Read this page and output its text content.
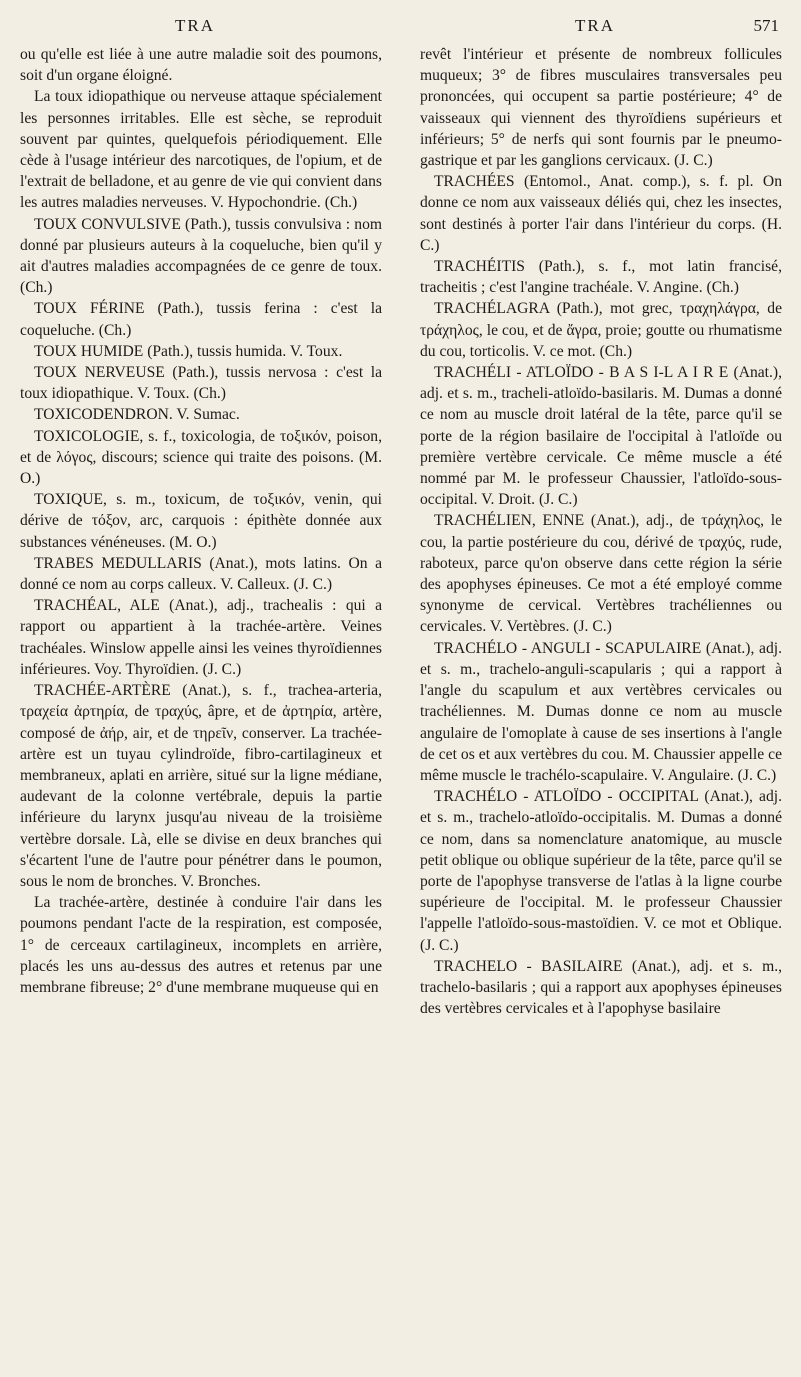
TRA	TRA	571

ou qu'elle est liée à une autre maladie soit des poumons, soit d'un organe éloigné.

La toux idiopathique ou nerveuse attaque spécialement les personnes irritables. Elle est sèche, se reproduit souvent par quintes, quelquefois périodiquement. Elle cède à l'usage intérieur des narcotiques, de l'opium, et de l'extrait de belladone, et au genre de vie qui convient dans les autres maladies nerveuses. V. Hypochondrie. (Ch.)

TOUX CONVULSIVE (Path.), tussis convulsiva : nom donné par plusieurs auteurs à la coqueluche, bien qu'il y ait d'autres maladies accompagnées de ce genre de toux. (Ch.)

TOUX FÉRINE (Path.), tussis ferina : c'est la coqueluche. (Ch.)

TOUX HUMIDE (Path.), tussis humida. V. Toux.

TOUX NERVEUSE (Path.), tussis nervosa : c'est la toux idiopathique. V. Toux. (Ch.)

TOXICODENDRON. V. Sumac.

TOXICOLOGIE, s. f., toxicologia, de τοξικόν, poison, et de λόγος, discours; science qui traite des poisons. (M. O.)

TOXIQUE, s. m., toxicum, de τοξικόν, venin, qui dérive de τόξον, arc, carquois : épithète donnée aux substances vénéneuses. (M. O.)

TRABES MEDULLARIS (Anat.), mots latins. On a donné ce nom au corps calleux. V. Calleux. (J. C.)

TRACHÉAL, ALE (Anat.), adj., trachealis : qui a rapport ou appartient à la trachée-artère. Veines trachéales. Winslow appelle ainsi les veines thyroïdiennes inférieures. Voy. Thyroïdien. (J. C.)

TRACHÉE-ARTÈRE (Anat.), s. f., trachea-arteria, τραχεία ἀρτηρία, de τραχύς, âpre, et de ἀρτηρία, artère, composé de ἀήρ, air, et de τηρεῖν, conserver. La trachée-artère est un tuyau cylindroïde, fibro-cartilagineux et membraneux, aplati en arrière, situé sur la ligne médiane, audevant de la colonne vertébrale, depuis la partie inférieure du larynx jusqu'au niveau de la troisième vertèbre dorsale. Là, elle se divise en deux branches qui s'écartent l'une de l'autre pour pénétrer dans le poumon, sous le nom de bronches. V. Bronches.

La trachée-artère, destinée à conduire l'air dans les poumons pendant l'acte de la respiration, est composée, 1° de cerceaux cartilagineux, incomplets en arrière, placés les uns au-dessus des autres et retenus par une membrane fibreuse; 2° d'une membrane muqueuse qui en

revêt l'intérieur et présente de nombreux follicules muqueux; 3° de fibres musculaires transversales peu prononcées, qui occupent sa partie postérieure; 4° de vaisseaux qui viennent des thyroïdiens supérieurs et inférieurs; 5° de nerfs qui sont fournis par le pneumo-gastrique et par les ganglions cervicaux. (J. C.)

TRACHÉES (Entomol., Anat. comp.), s. f. pl. On donne ce nom aux vaisseaux déliés qui, chez les insectes, sont destinés à porter l'air dans l'intérieur du corps. (H. C.)

TRACHÉITIS (Path.), s. f., mot latin francisé, tracheitis ; c'est l'angine trachéale. V. Angine. (Ch.)

TRACHÉLAGRA (Path.), mot grec, τραχηλάγρα, de τράχηλος, le cou, et de ἄγρα, proie; goutte ou rhumatisme du cou, torticolis. V. ce mot. (Ch.)

TRACHÉLI - ATLOÏDO - B A S I-L A I R E (Anat.), adj. et s. m., tracheli-atloïdo-basilaris. M. Dumas a donné ce nom au muscle droit latéral de la tête, parce qu'il se porte de la région basilaire de l'occipital à l'atloïde ou première vertèbre cervicale. Ce même muscle a été nommé par M. le professeur Chaussier, l'atloïdo-sous-occipital. V. Droit. (J. C.)

TRACHÉLIEN, ENNE (Anat.), adj., de τράχηλος, le cou, la partie postérieure du cou, dérivé de τραχύς, rude, raboteux, parce qu'on observe dans cette région la série des apophyses épineuses. Ce mot a été employé comme synonyme de cervical. Vertèbres trachéliennes ou cervicales. V. Vertèbres. (J. C.)

TRACHÉLO - ANGULI - SCAPULAIRE (Anat.), adj. et s. m., trachelo-anguli-scapularis ; qui a rapport à l'angle du scapulum et aux vertèbres cervicales ou trachéliennes. M. Dumas donne ce nom au muscle angulaire de l'omoplate à cause de ses insertions à l'angle de cet os et aux vertèbres du cou. M. Chaussier appelle ce même muscle le trachélo-scapulaire. V. Angulaire. (J. C.)

TRACHÉLO - ATLOÏDO - OCCIPITAL (Anat.), adj. et s. m., trachelo-atloïdo-occipitalis. M. Dumas a donné ce nom, dans sa nomenclature anatomique, au muscle petit oblique ou oblique supérieur de la tête, parce qu'il se porte de l'apophyse transverse de l'atlas à la ligne courbe supérieure de l'occipital. M. le professeur Chaussier l'appelle l'atloïdo-sous-mastoïdien. V. ce mot et Oblique. (J. C.)

TRACHELO - BASILAIRE (Anat.), adj. et s. m., trachelo-basilaris ; qui a rapport aux apophyses épineuses des vertèbres cervicales et à l'apophyse basilaire
